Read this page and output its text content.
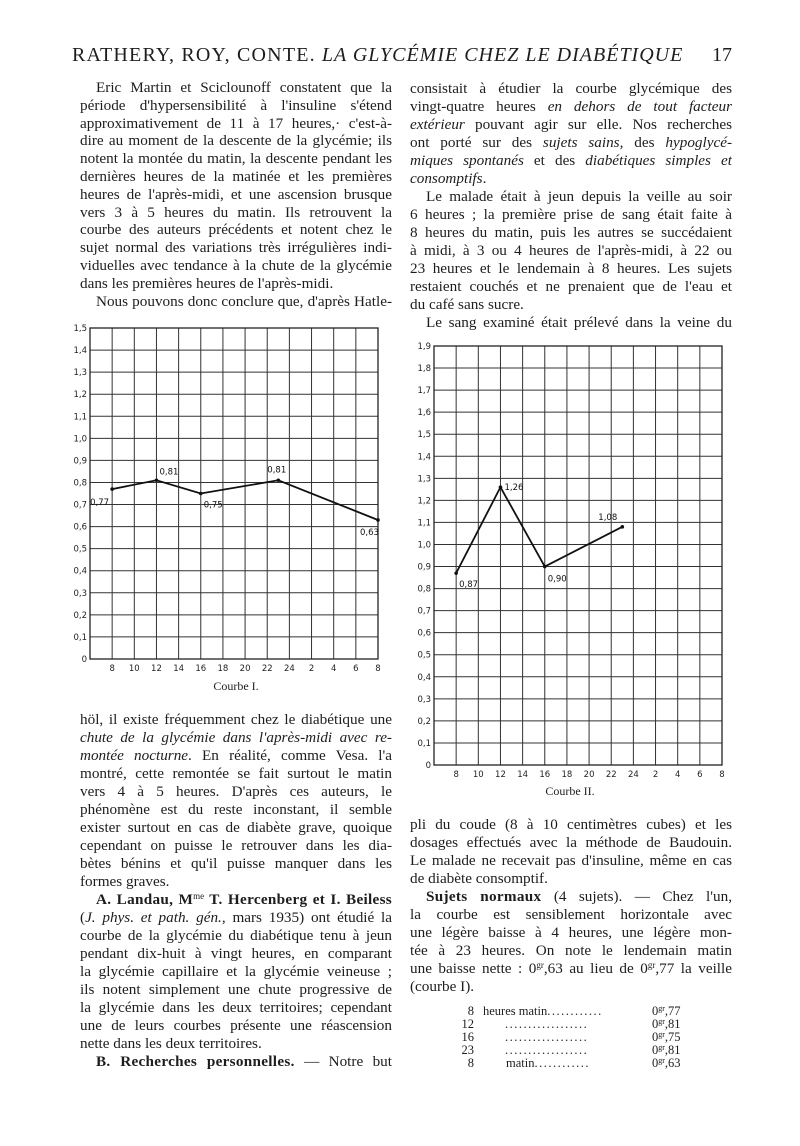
RATHERY, ROY, CONTE. LA GLYCÉMIE CHEZ LE DIABÉTIQUE 17
Eric Martin et Sciclounoff constatent que la
période d'hypersensibilité à l'insuline s'étend
approximativement de 11 à 17 heures,· c'est-à-
dire au moment de la descente de la glycémie; ils
notent la montée du matin, la descente pendant les
dernières heures de la matinée et les premières
heures de l'après-midi, et une ascension brusque
vers 3 à 5 heures du matin. Ils retrouvent la
courbe des auteurs précédents et notent chez le
sujet normal des variations très irrégulières indi-
viduelles avec tendance à la chute de la glycémie
dans les premières heures de l'après-midi.
Nous pouvons donc conclure que, d'après Hatle-
consistait à étudier la courbe glycémique des
vingt-quatre heures en dehors de tout facteur
extérieur pouvant agir sur elle. Nos recherches
ont porté sur des sujets sains, des hypoglycé-
miques spontanés et des diabétiques simples et
consomptifs.
Le malade était à jeun depuis la veille au soir
6 heures ; la première prise de sang était faite à
8 heures du matin, puis les autres se succédaient
à midi, à 3 ou 4 heures de l'après-midi, à 22 ou
23 heures et le lendemain à 8 heures. Les sujets
restaient couchés et ne prenaient que de l'eau et
du café sans sucre.
Le sang examiné était prélevé dans la veine du
höl, il existe fréquemment chez le diabétique une
chute de la glycémie dans l'après-midi avec re-
montée nocturne. En réalité, comme Vesa. l'a
montré, cette remontée se fait surtout le matin
vers 4 à 5 heures. D'après ces auteurs, le
phénomène est du reste inconstant, il semble
exister surtout en cas de diabète grave, quoique
cependant on puisse le retrouver dans les dia-
bètes bénins et qu'il puisse manquer dans les
formes graves.
A. Landau, $M^{me}$ T. Hercenberg et I. Beiless
(J. phys. et path. gén., mars 1935) ont étudié la
courbe de la glycémie du diabétique tenu à jeun
pendant dix-huit à vingt heures, en comparant
la glycémie capillaire et la glycémie veineuse ;
ils notent simplement une chute progressive de
la glycémie dans les deux territoires; cependant
une de leurs courbes présente une réascension
nette dans les deux territoires.
B. Recherches personnelles. — Notre but
pli du coude (8 à 10 centimètres cubes) et les
dosages effectués avec la méthode de Baudouin.
Le malade ne recevait pas d'insuline, même en cas
de diabète consomptif.
Sujets normaux (4 sujets). — Chez l'un,
la courbe est sensiblement horizontale avec
une légère baisse à 4 heures, une légère mon-
tée à 23 heures. On note le lendemain matin
une baisse nette : $0^{gr},63$ au lieu de $0^{gr},77$ la veille
(courbe I).
8 heures matin............	$0^{gr},77$
12	..................	$0^{gr},81$
16	..................	$0^{gr},75$
23	..................	$0^{gr},81$
8	matin............	$0^{gr},63$
0
0,1
0,2
0,3
0,4
0,5
0,6
0,7
0,8
0,9
1,0
1,1
1,2
1,3
1,4
1,5
8 10 12 14 16 18 20 22 24 2 4 6 8
0,77
0,81
0,75
0,81
0,63
Courbe I.
0
0,1
0,2
0,3
0,4
0,5
0,6
0,7
0,8
0,9
1,0
1,1
1,2
1,3
1,4
1,5
1,6
1,7
1,8
1,9
8 10 12 14 16 18 20 22 24 2 4 6 8
0,87
1,26
0,90
1,08
Courbe II.
